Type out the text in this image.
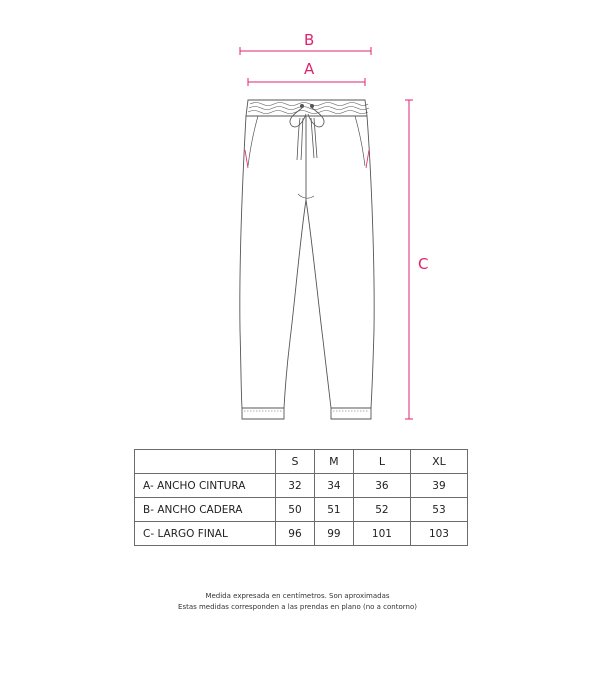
B
A
C
	S	M	L	XL
A- ANCHO CINTURA	32	34	36	39
B- ANCHO CADERA	50	51	52	53
C- LARGO FINAL	96	99	101	103
Medida expresada en centímetros. Son aproximadas
Estas medidas corresponden a las prendas en plano (no a contorno)
